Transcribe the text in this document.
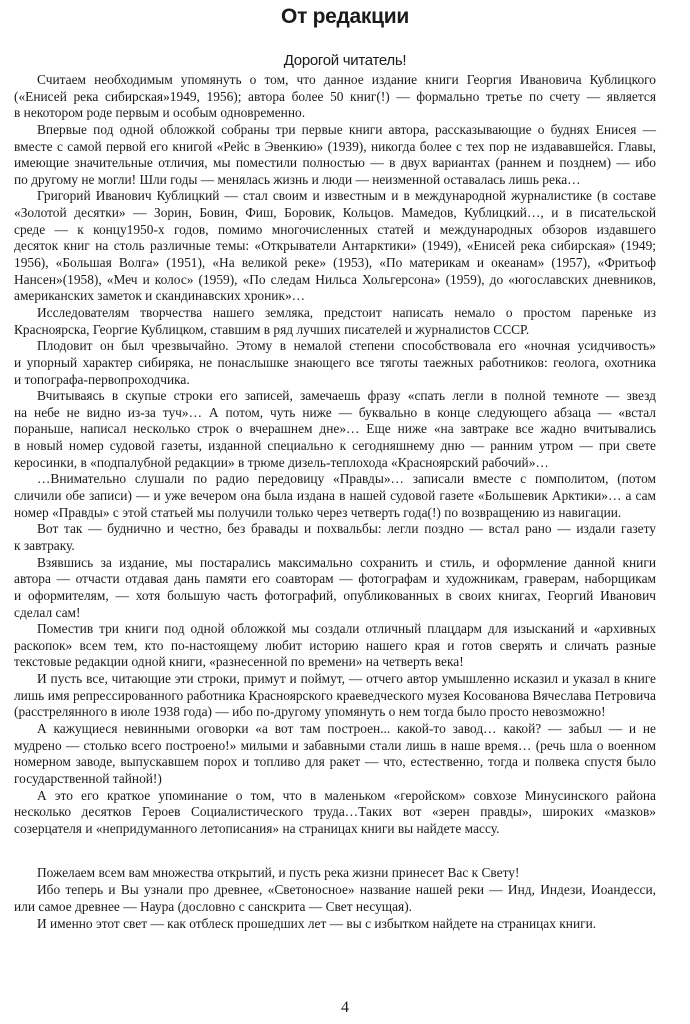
От редакции
Дорогой читатель!
Считаем необходимым упомянуть о том, что данное издание книги Георгия Ивановича Кублицкого
(«Енисей река сибирская»1949, 1956); автора более 50 книг(!) — формально третье по счету — является
в некотором роде первым и особым одновременно.
Впервые под одной обложкой собраны три первые книги автора, рассказывающие о буднях Енисея —
вместе с самой первой его книгой «Рейс в Эвенкию» (1939), никогда более с тех пор не издававшейся. Главы,
имеющие значительные отличия, мы поместили полностью — в двух вариантах (раннем и позднем) — ибо
по другому не могли! Шли годы — менялась жизнь и люди — неизменной оставалась лишь река…
Григорий Иванович Кублицкий — стал своим и известным и в международной журналистике (в составе
«Золотой десятки» — Зорин, Бовин, Фиш, Боровик, Кольцов. Мамедов, Кублицкий…, и в писательской
среде — к концу1950-х годов, помимо многочисленных статей и международных обзоров издавшего
десяток книг на столь различные темы: «Открыватели Антарктики» (1949), «Енисей река сибирская» (1949;
1956), «Большая Волга» (1951), «На великой реке» (1953), «По материкам и океанам» (1957), «Фритьоф
Нансен»(1958), «Меч и колос» (1959), «По следам Нильса Хольгерсона» (1959), до «югославских дневников,
американских заметок и скандинавских хроник»…
Исследователям творчества нашего земляка, предстоит написать немало о простом пареньке из
Красноярска, Георгие Кублицком, ставшим в ряд лучших писателей и журналистов СССР.
Плодовит он был чрезвычайно. Этому в немалой степени способствовала его «ночная усидчивость»
и упорный характер сибиряка, не понаслышке знающего все тяготы таежных работников: геолога, охотника
и топографа-первопроходчика.
Вчитываясь в скупые строки его записей, замечаешь фразу «спать легли в полной темноте — звезд
на небе не видно из-за туч»… А потом, чуть ниже — буквально в конце следующего абзаца — «встал
пораньше, написал несколько строк о вчерашнем дне»… Еще ниже «на завтраке все жадно вчитывались
в новый номер судовой газеты, изданной специально к сегодняшнему дню — ранним утром — при свете
керосинки, в «подпалубной редакции» в трюме дизель-теплохода «Красноярский рабочий»…
…Внимательно слушали по радио передовицу «Правды»… записали вместе с помполитом, (потом
сличили обе записи) — и уже вечером она была издана в нашей судовой газете «Большевик Арктики»… а сам
номер «Правды» с этой статьей мы получили только через четверть года(!) по возвращению из навигации.
Вот так — буднично и честно, без бравады и похвальбы: легли поздно — встал рано — издали газету
к завтраку.
Взявшись за издание, мы постарались максимально сохранить и стиль, и оформление данной книги
автора — отчасти отдавая дань памяти его соавторам — фотографам и художникам, граверам, наборщикам
и оформителям, — хотя большую часть фотографий, опубликованных в своих книгах, Георгий Иванович
сделал сам!
Поместив три книги под одной обложкой мы создали отличный плацдарм для изысканий и «архивных
раскопок» всем тем, кто по-настоящему любит историю нашего края и готов сверять и сличать разные
текстовые редакции одной книги, «разнесенной по времени» на четверть века!
И пусть все, читающие эти строки, примут и поймут, — отчего автор умышленно исказил и указал в книге
лишь имя репрессированного работника Красноярского краеведческого музея Косованова Вячеслава Петровича
(расстрелянного в июле 1938 года) — ибо по-другому упомянуть о нем тогда было просто невозможно!
А кажущиеся невинными оговорки «а вот там построен... какой-то завод… какой? — забыл — и не
мудрено — столько всего построено!» милыми и забавными стали лишь в наше время… (речь шла о военном
номерном заводе, выпускавшем порох и топливо для ракет — что, естественно, тогда и полвека спустя было
государственной тайной!)
А это его краткое упоминание о том, что в маленьком «геройском» совхозе Минусинского района
несколько десятков Героев Социалистического труда…Таких вот «зерен правды», широких «мазков»
созерцателя и «непридуманного летописания» на страницах книги вы найдете массу.
Пожелаем всем вам множества открытий, и пусть река жизни принесет Вас к Свету!
Ибо теперь и Вы узнали про древнее, «Светоносное» название нашей реки — Инд, Индези, Иоандесси,
или самое древнее — Наура (дословно с санскрита — Свет несущая).
И именно этот свет — как отблеск прошедших лет — вы с избытком найдете на страницах книги.
4
